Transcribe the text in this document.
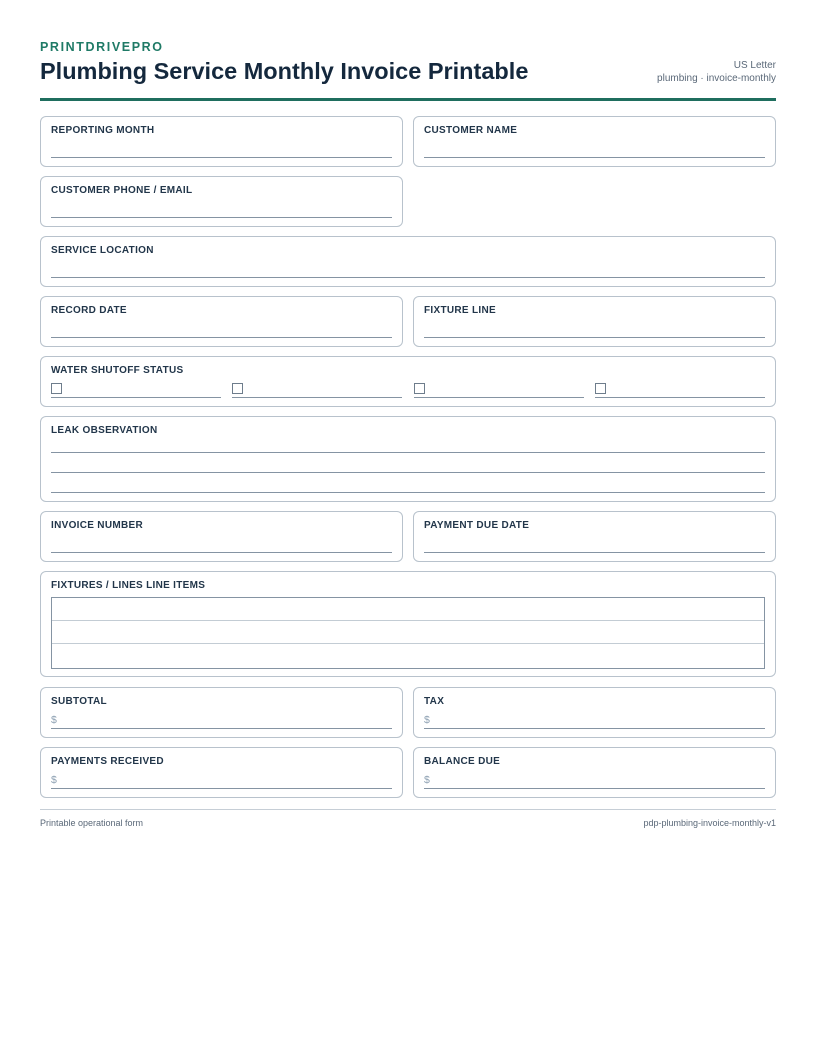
PRINTDRIVEPRO
Plumbing Service Monthly Invoice Printable	US Letter
plumbing · invoice-monthly
REPORTING MONTH	CUSTOMER NAME
CUSTOMER PHONE / EMAIL
SERVICE LOCATION
RECORD DATE	FIXTURE LINE
WATER SHUTOFF STATUS
LEAK OBSERVATION
INVOICE NUMBER	PAYMENT DUE DATE
FIXTURES / LINES LINE ITEMS
SUBTOTAL
$
TAX
$
PAYMENTS RECEIVED
$
BALANCE DUE
$
Printable operational form	pdp-plumbing-invoice-monthly-v1
